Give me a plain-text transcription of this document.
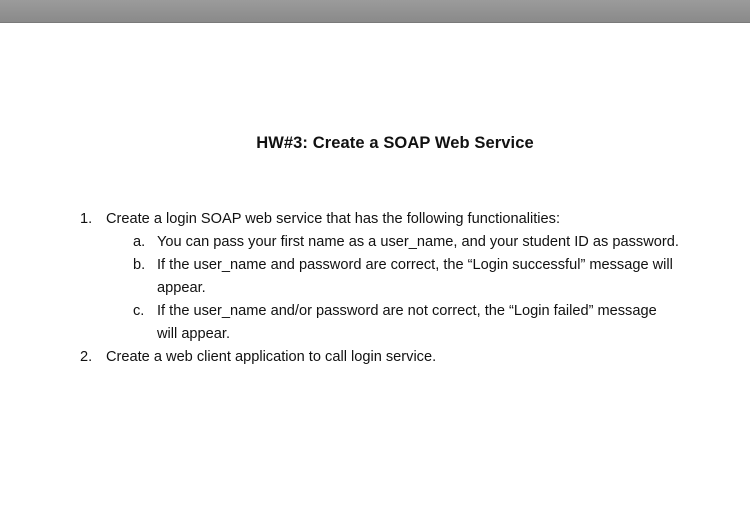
HW#3: Create a SOAP Web Service
1. Create a login SOAP web service that has the following functionalities:
a. You can pass your first name as a user_name, and your student ID as password.
b. If the user_name and password are correct, the “Login successful” message will
appear.
c. If the user_name and/or password are not correct, the “Login failed” message
will appear.
2. Create a web client application to call login service.
